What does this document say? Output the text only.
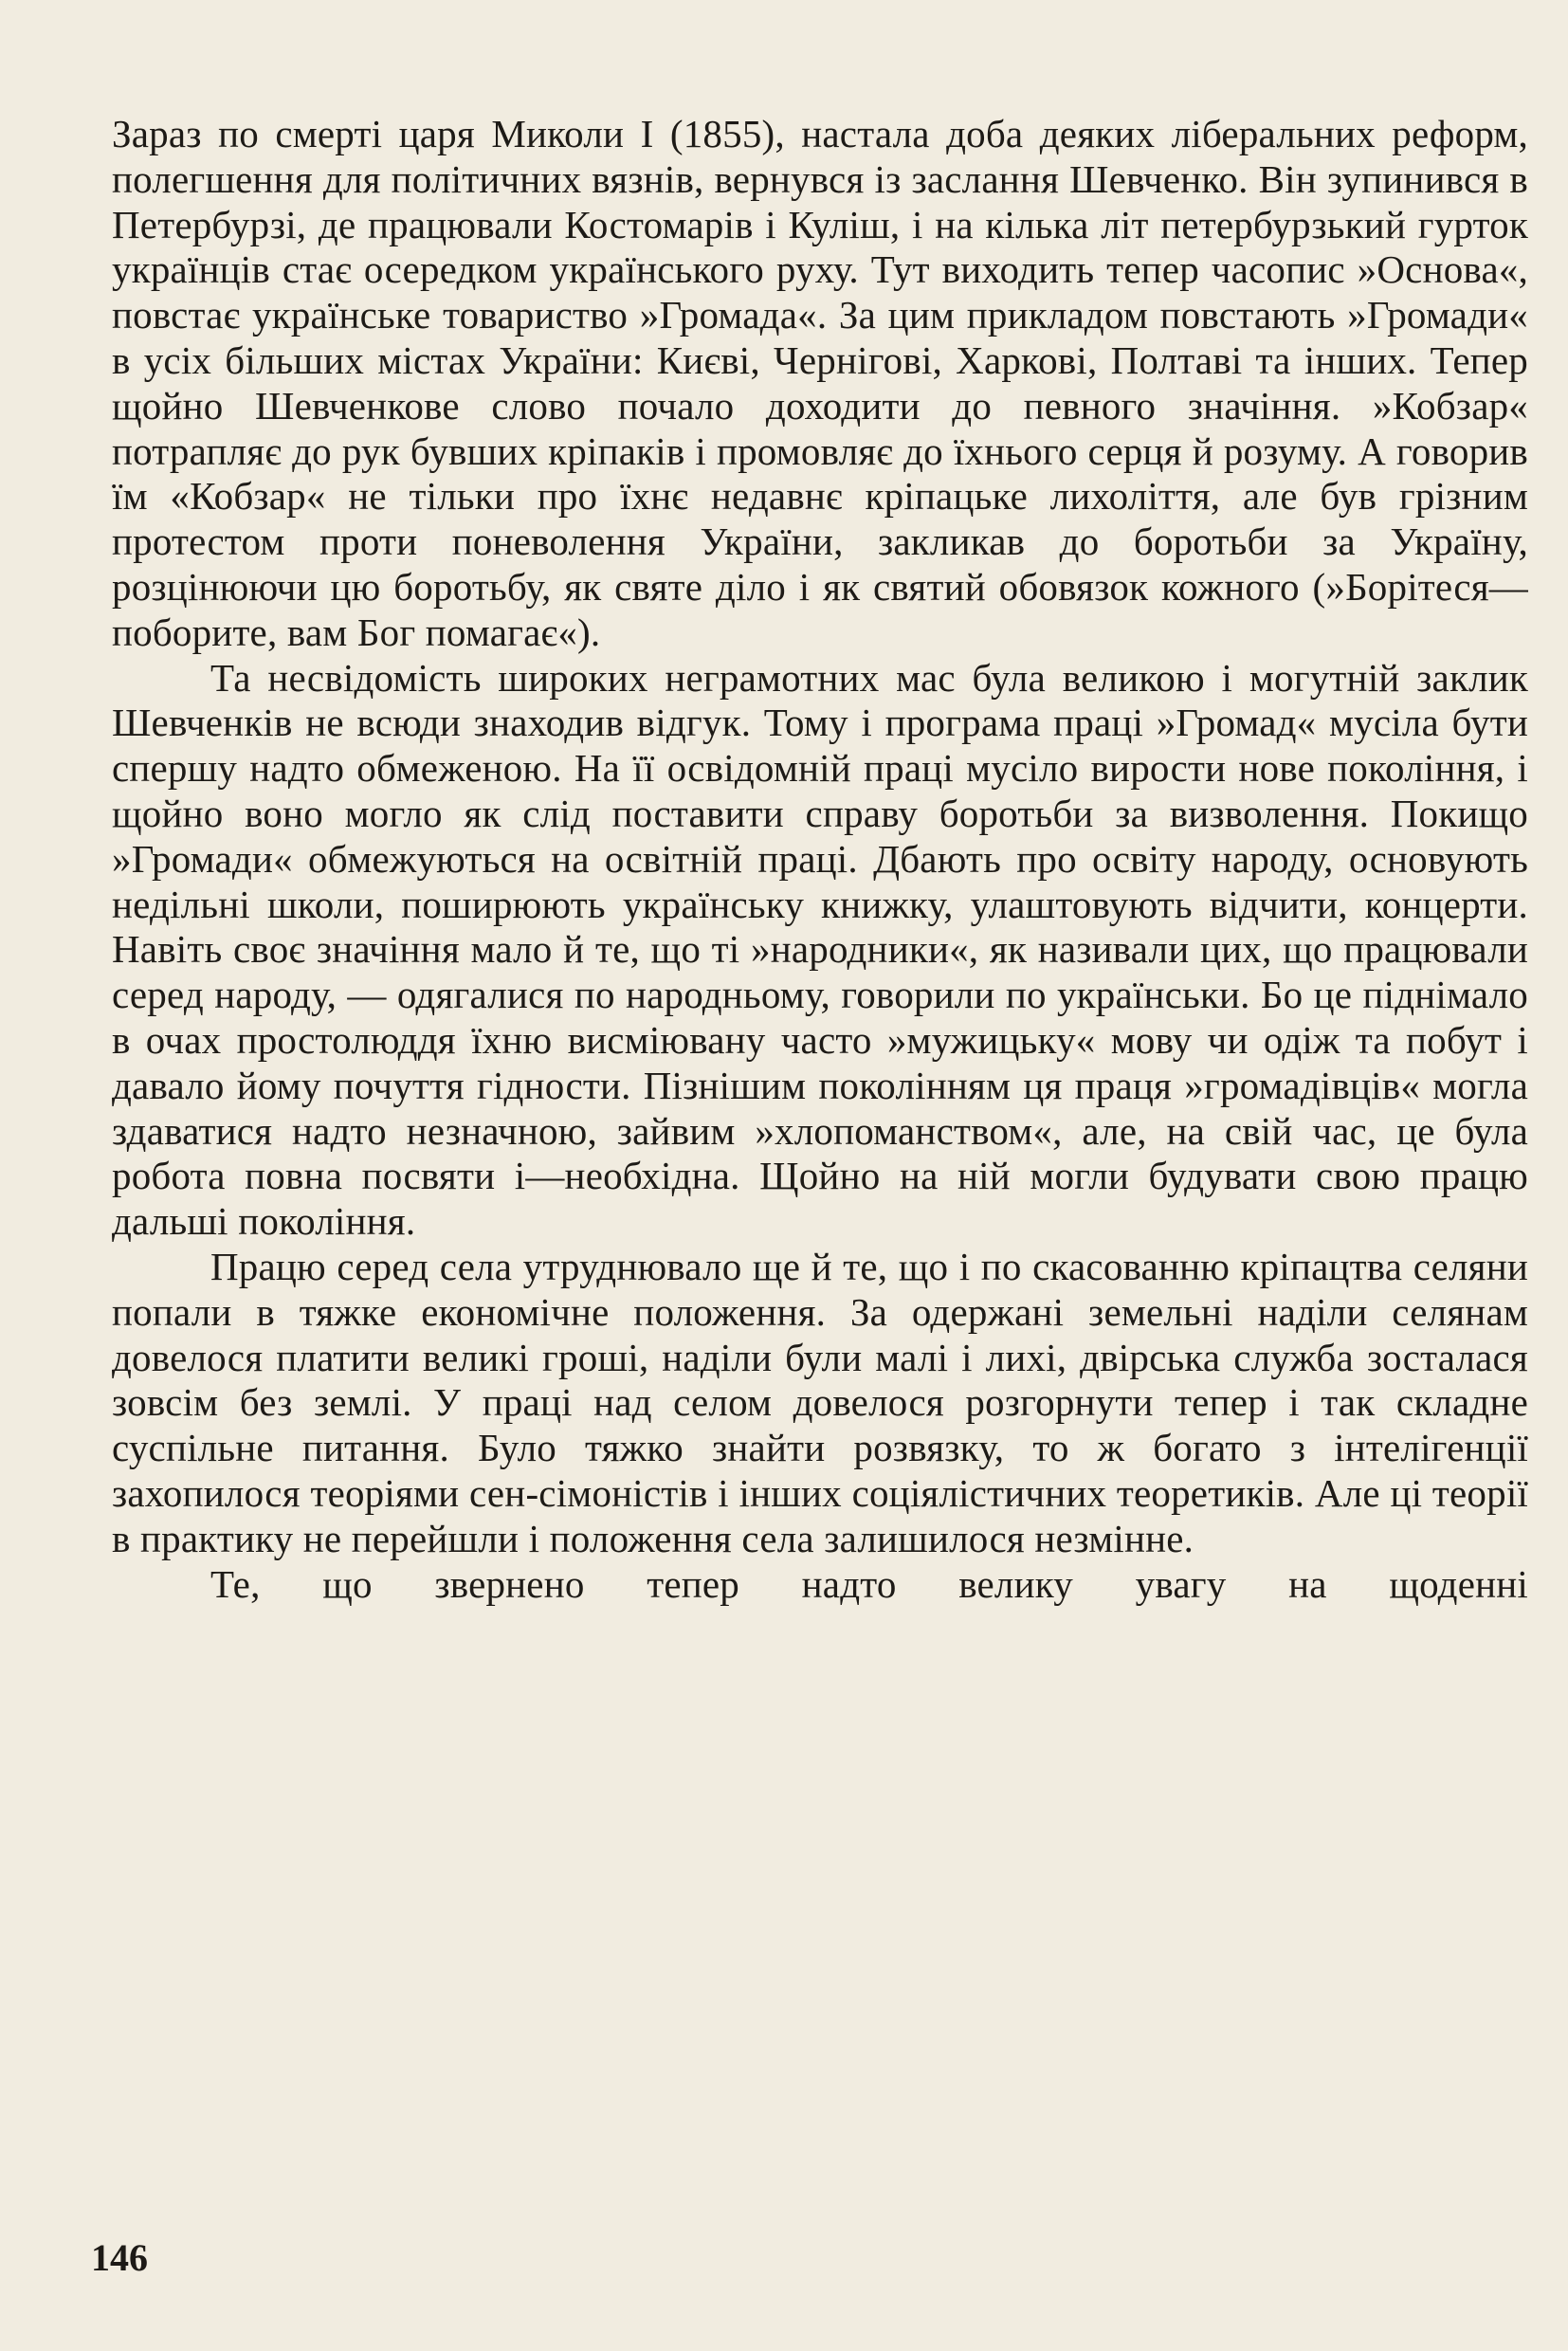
Зараз по смерті царя Миколи I (1855), настала доба деяких ліберальних реформ, полегшення для політичних вязнів, вернувся із заслання Шевченко. Він зупинився в Петербурзі, де працювали Костомарів і Куліш, і на кілька літ петербурзький гурток українців стає осередком українського руху. Тут виходить тепер часопис »Основа«, повстає українське товариство »Громада«. За цим прикладом повстають »Громади« в усіх більших містах України: Києві, Чернігові, Харкові, Полтаві та інших. Тепер щойно Шевченкове слово почало доходити до певного значіння. »Кобзар« потрапляє до рук бувших кріпаків і промовляє до їхнього серця й розуму. А говорив їм «Кобзар« не тільки про їхнє недавнє кріпацьке лихоліття, але був грізним протестом проти поневолення України, закликав до боротьби за Україну, розцінюючи цю боротьбу, як святе діло і як святий обовязок кожного (»Борітеся—поборите, вам Бог помагає«).

Та несвідомість широких неграмотних мас була великою і могутній заклик Шевченків не всюди знаходив відгук. Тому і програма праці »Громад« мусіла бути спершу надто обмеженою. На її освідомній праці мусіло вирости нове покоління, і щойно воно могло як слід поставити справу боротьби за визволення. Покищо »Громади« обмежуються на освітній праці. Дбають про освіту народу, основують недільні школи, поширюють українську книжку, улаштовують відчити, концерти. Навіть своє значіння мало й те, що ті »народники«, як називали цих, що працювали серед народу, — одягалися по народньому, говорили по українськи. Бо це піднімало в очах простолюддя їхню висміювану часто »мужицьку« мову чи одіж та побут і давало йому почуття гідности. Пізнішим поколінням ця праця »громадівців« могла здаватися надто незначною, зайвим »хлопоманством«, але, на свій час, це була робота повна посвяти і—необхідна. Щойно на ній могли будувати свою працю дальші покоління.

Працю серед села утруднювало ще й те, що і по скасованню кріпацтва селяни попали в тяжке економічне положення. За одержані земельні наділи селянам довелося платити великі гроші, наділи були малі і лихі, двірська служба зосталася зовсім без землі. У праці над селом довелося розгорнути тепер і так складне суспільне питання. Було тяжко знайти розвязку, то ж богато з інтелігенції захопилося теоріями сен-сімоністів і інших соціялістичних теоретиків. Але ці теорії в практику не перейшли і положення села залишилося незмінне.

Те, що звернено тепер надто велику увагу на щоденні

146
